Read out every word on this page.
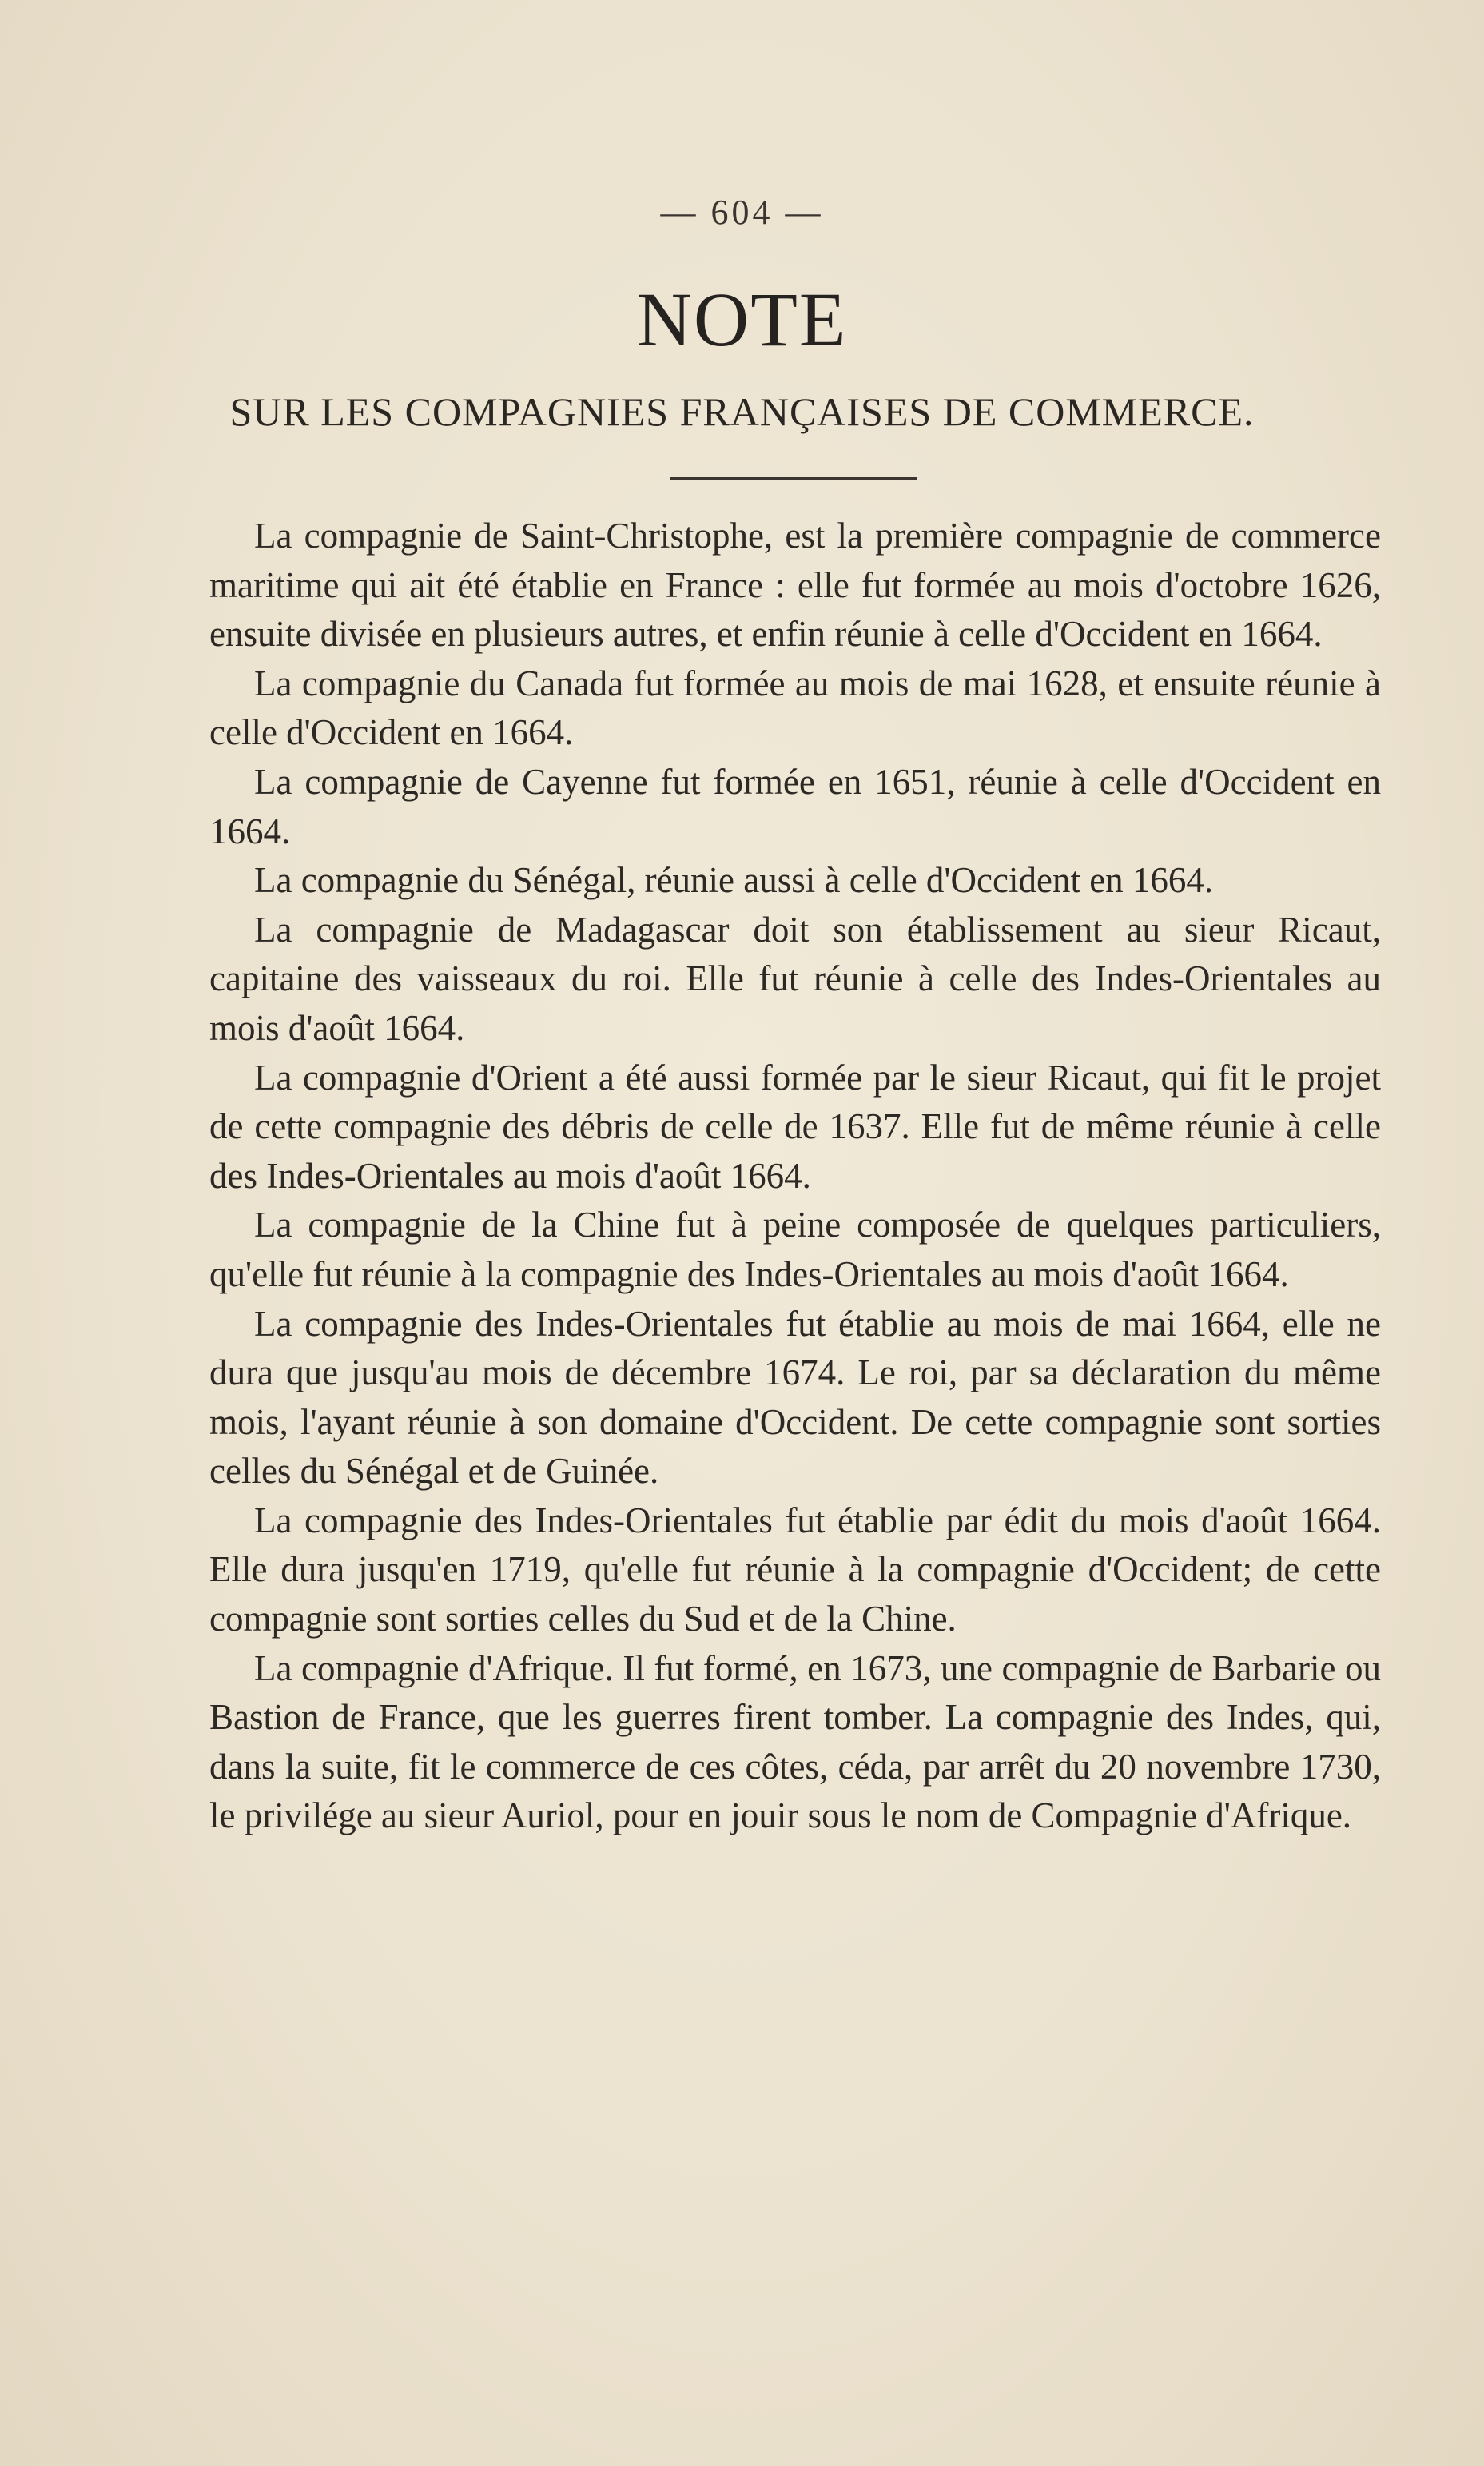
— 604 —
NOTE
SUR LES COMPAGNIES FRANÇAISES DE COMMERCE.

La compagnie de Saint-Christophe, est la première compagnie de commerce maritime qui ait été établie en France : elle fut formée au mois d'octobre 1626, ensuite divisée en plusieurs autres, et enfin réunie à celle d'Occident en 1664.

La compagnie du Canada fut formée au mois de mai 1628, et ensuite réunie à celle d'Occident en 1664.

La compagnie de Cayenne fut formée en 1651, réunie à celle d'Occident en 1664.

La compagnie du Sénégal, réunie aussi à celle d'Occident en 1664.

La compagnie de Madagascar doit son établissement au sieur Ricaut, capitaine des vaisseaux du roi. Elle fut réunie à celle des Indes-Orientales au mois d'août 1664.

La compagnie d'Orient a été aussi formée par le sieur Ricaut, qui fit le projet de cette compagnie des débris de celle de 1637. Elle fut de même réunie à celle des Indes-Orientales au mois d'août 1664.

La compagnie de la Chine fut à peine composée de quelques particuliers, qu'elle fut réunie à la compagnie des Indes-Orientales au mois d'août 1664.

La compagnie des Indes-Orientales fut établie au mois de mai 1664, elle ne dura que jusqu'au mois de décembre 1674. Le roi, par sa déclaration du même mois, l'ayant réunie à son domaine d'Occident. De cette compagnie sont sorties celles du Sénégal et de Guinée.

La compagnie des Indes-Orientales fut établie par édit du mois d'août 1664. Elle dura jusqu'en 1719, qu'elle fut réunie à la compagnie d'Occident; de cette compagnie sont sorties celles du Sud et de la Chine.

La compagnie d'Afrique. Il fut formé, en 1673, une compagnie de Barbarie ou Bastion de France, que les guerres firent tomber. La compagnie des Indes, qui, dans la suite, fit le commerce de ces côtes, céda, par arrêt du 20 novembre 1730, le privilége au sieur Auriol, pour en jouir sous le nom de Compagnie d'Afrique.
